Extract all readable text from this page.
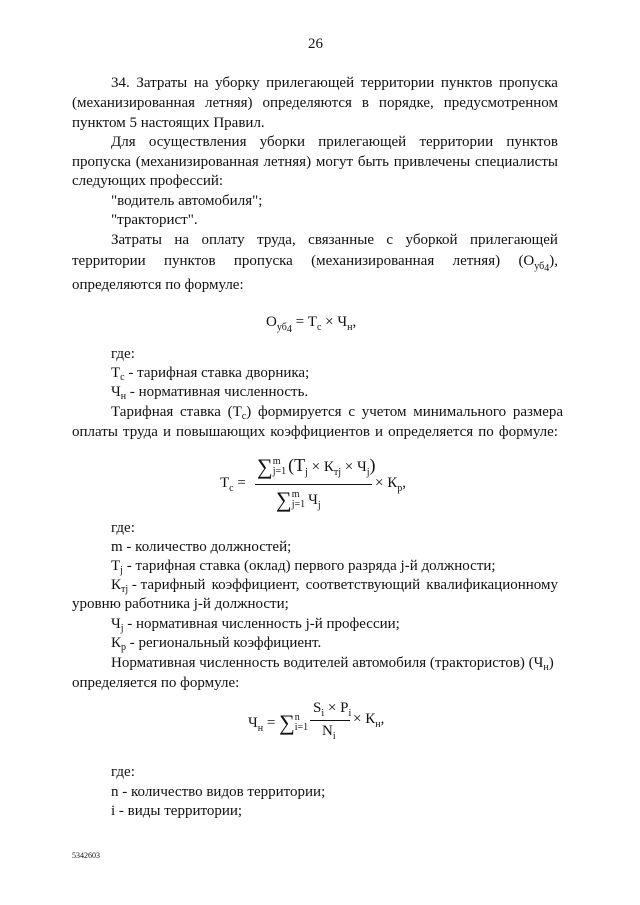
26
34. Затраты на уборку прилегающей территории пунктов пропуска
(механизированная летняя) определяются в порядке, предусмотренном
пунктом 5 настоящих Правил.
Для осуществления уборки прилегающей территории пунктов
пропуска (механизированная летняя) могут быть привлечены специалисты
следующих профессий:
"водитель автомобиля";
"тракторист".
Затраты на оплату труда, связанные с уборкой прилегающей
территории пунктов пропуска (механизированная летняя) $(О_{уб4})$,
определяются по формуле:
$О_{уб4} = Т_с \times Ч_н$,
где:
$Т_с$ - тарифная ставка дворника;
$Ч_н$ - нормативная численность.
Тарифная ставка $(Т_с)$ формируется с учетом минимального размера
оплаты труда и повышающих коэффициентов и определяется по формуле:
$Т_с$ =
∑ m
j=1 $(Т_j \times К_{тj} \times Ч_j)$
∑ m
j=1 $Ч_j$
× $К_р$,
где:
m - количество должностей;
$Т_j$ - тарифная ставка (оклад) первого разряда j-й должности;
$К_{тj}$ - тарифный коэффициент, соответствующий квалификационному
уровню работника j-й должности;
$Ч_j$ - нормативная численность j-й профессии;
$К_р$ - региональный коэффициент.
Нормативная численность водителей автомобиля (трактористов) $(Ч_н)$
определяется по формуле:
$Ч_н$ = ∑ n
i=1
$S_i \times P_i$
$N_i$
× $К_н$,
где:
n - количество видов территории;
i - виды территории;
5342603
